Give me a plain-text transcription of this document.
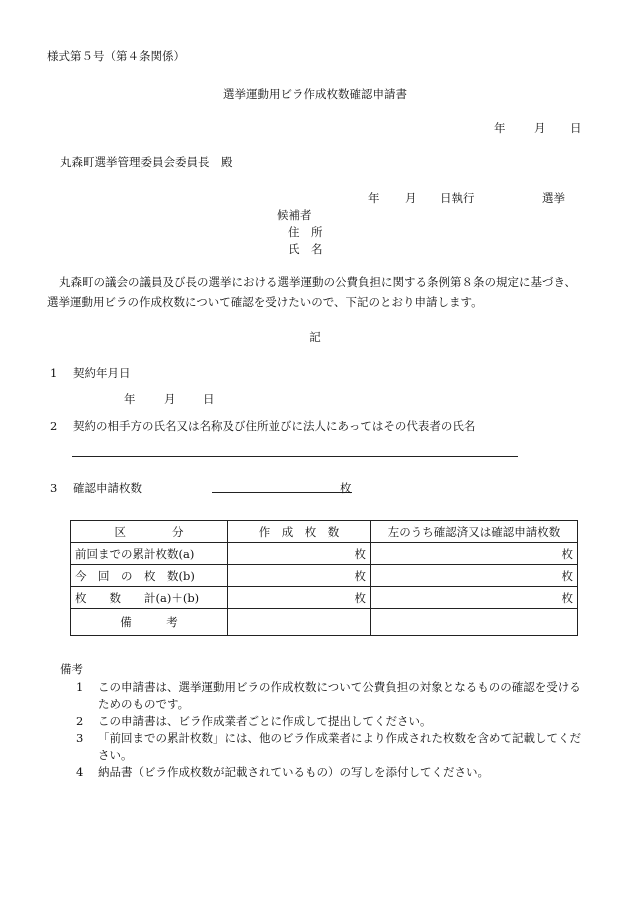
様式第５号（第４条関係）
選挙運動用ビラ作成枚数確認申請書
年 月 日
丸森町選挙管理委員会委員長　殿
年 月 日執行	選挙
候補者
住　所
氏　名
丸森町の議会の議員及び長の選挙における選挙運動の公費負担に関する条例第８条の規定に基づき、選挙運動用ビラの作成枚数について確認を受けたいので、下記のとおり申請します。
記
1 契約年月日
年 月 日
2 契約の相手方の氏名又は名称及び住所並びに法人にあってはその代表者の氏名
3 確認申請枚数	枚
区　　　　分	作　成　枚　数	左のうち確認済又は確認申請枚数
前回までの累計枚数(a)	枚	枚
今　回　の　枚　数(b)	枚	枚
枚　　数　　計(a)＋(b)	枚	枚
備　　　考		
備考
1 この申請書は、選挙運動用ビラの作成枚数について公費負担の対象となるものの確認を受けるためのものです。
2 この申請書は、ビラ作成業者ごとに作成して提出してください。
3 「前回までの累計枚数」には、他のビラ作成業者により作成された枚数を含めて記載してください。
4 納品書（ビラ作成枚数が記載されているもの）の写しを添付してください。
